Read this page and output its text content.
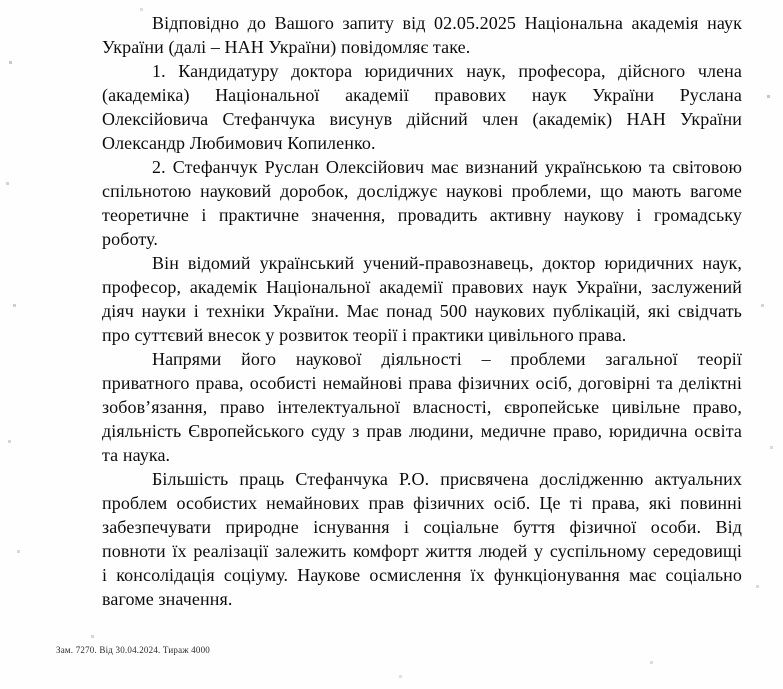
Відповідно до Вашого запиту від 02.05.2025 Національна академія наук
України (далі – НАН України) повідомляє таке.
1. Кандидатуру доктора юридичних наук, професора, дійсного члена
(академіка) Національної академії правових наук України Руслана
Олексійовича Стефанчука висунув дійсний член (академік) НАН України
Олександр Любимович Копиленко.
2. Стефанчук Руслан Олексійович має визнаний українською та світовою
спільнотою науковий доробок, досліджує наукові проблеми, що мають вагоме
теоретичне і практичне значення, провадить активну наукову і громадську
роботу.
Він відомий український учений-правознавець, доктор юридичних наук,
професор, академік Національної академії правових наук України, заслужений
діяч науки і техніки України. Має понад 500 наукових публікацій, які свідчать
про суттєвий внесок у розвиток теорії і практики цивільного права.
Напрями його наукової діяльності – проблеми загальної теорії
приватного права, особисті немайнові права фізичних осіб, договірні та деліктні
зобов’язання, право інтелектуальної власності, європейське цивільне право,
діяльність Європейського суду з прав людини, медичне право, юридична освіта
та наука.
Більшість праць Стефанчука Р.О. присвячена дослідженню актуальних
проблем особистих немайнових прав фізичних осіб. Це ті права, які повинні
забезпечувати природне існування і соціальне буття фізичної особи. Від
повноти їх реалізації залежить комфорт життя людей у суспільному середовищі
і консолідація соціуму. Наукове осмислення їх функціонування має соціально
вагоме значення.
Зам. 7270. Від 30.04.2024. Тираж 4000
